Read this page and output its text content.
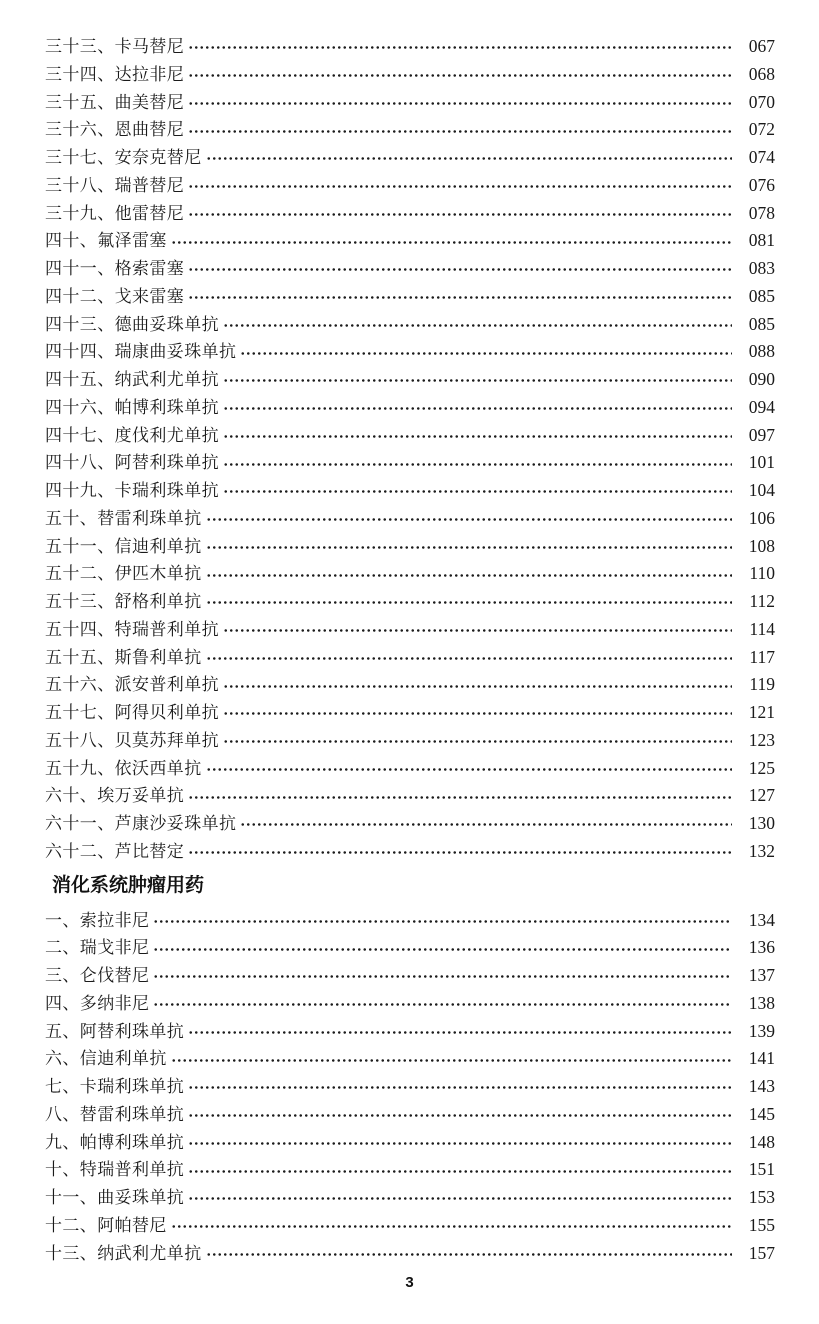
三十三、卡马替尼	067
三十四、达拉非尼	068
三十五、曲美替尼	070
三十六、恩曲替尼	072
三十七、安奈克替尼	074
三十八、瑞普替尼	076
三十九、他雷替尼	078
四十、氟泽雷塞	081
四十一、格索雷塞	083
四十二、戈来雷塞	085
四十三、德曲妥珠单抗	085
四十四、瑞康曲妥珠单抗	088
四十五、纳武利尤单抗	090
四十六、帕博利珠单抗	094
四十七、度伐利尤单抗	097
四十八、阿替利珠单抗	101
四十九、卡瑞利珠单抗	104
五十、替雷利珠单抗	106
五十一、信迪利单抗	108
五十二、伊匹木单抗	110
五十三、舒格利单抗	112
五十四、特瑞普利单抗	114
五十五、斯鲁利单抗	117
五十六、派安普利单抗	119
五十七、阿得贝利单抗	121
五十八、贝莫苏拜单抗	123
五十九、依沃西单抗	125
六十、埃万妥单抗	127
六十一、芦康沙妥珠单抗	130
六十二、芦比替定	132
消化系统肿瘤用药
一、索拉非尼	134
二、瑞戈非尼	136
三、仑伐替尼	137
四、多纳非尼	138
五、阿替利珠单抗	139
六、信迪利单抗	141
七、卡瑞利珠单抗	143
八、替雷利珠单抗	145
九、帕博利珠单抗	148
十、特瑞普利单抗	151
十一、曲妥珠单抗	153
十二、阿帕替尼	155
十三、纳武利尤单抗	157
3
